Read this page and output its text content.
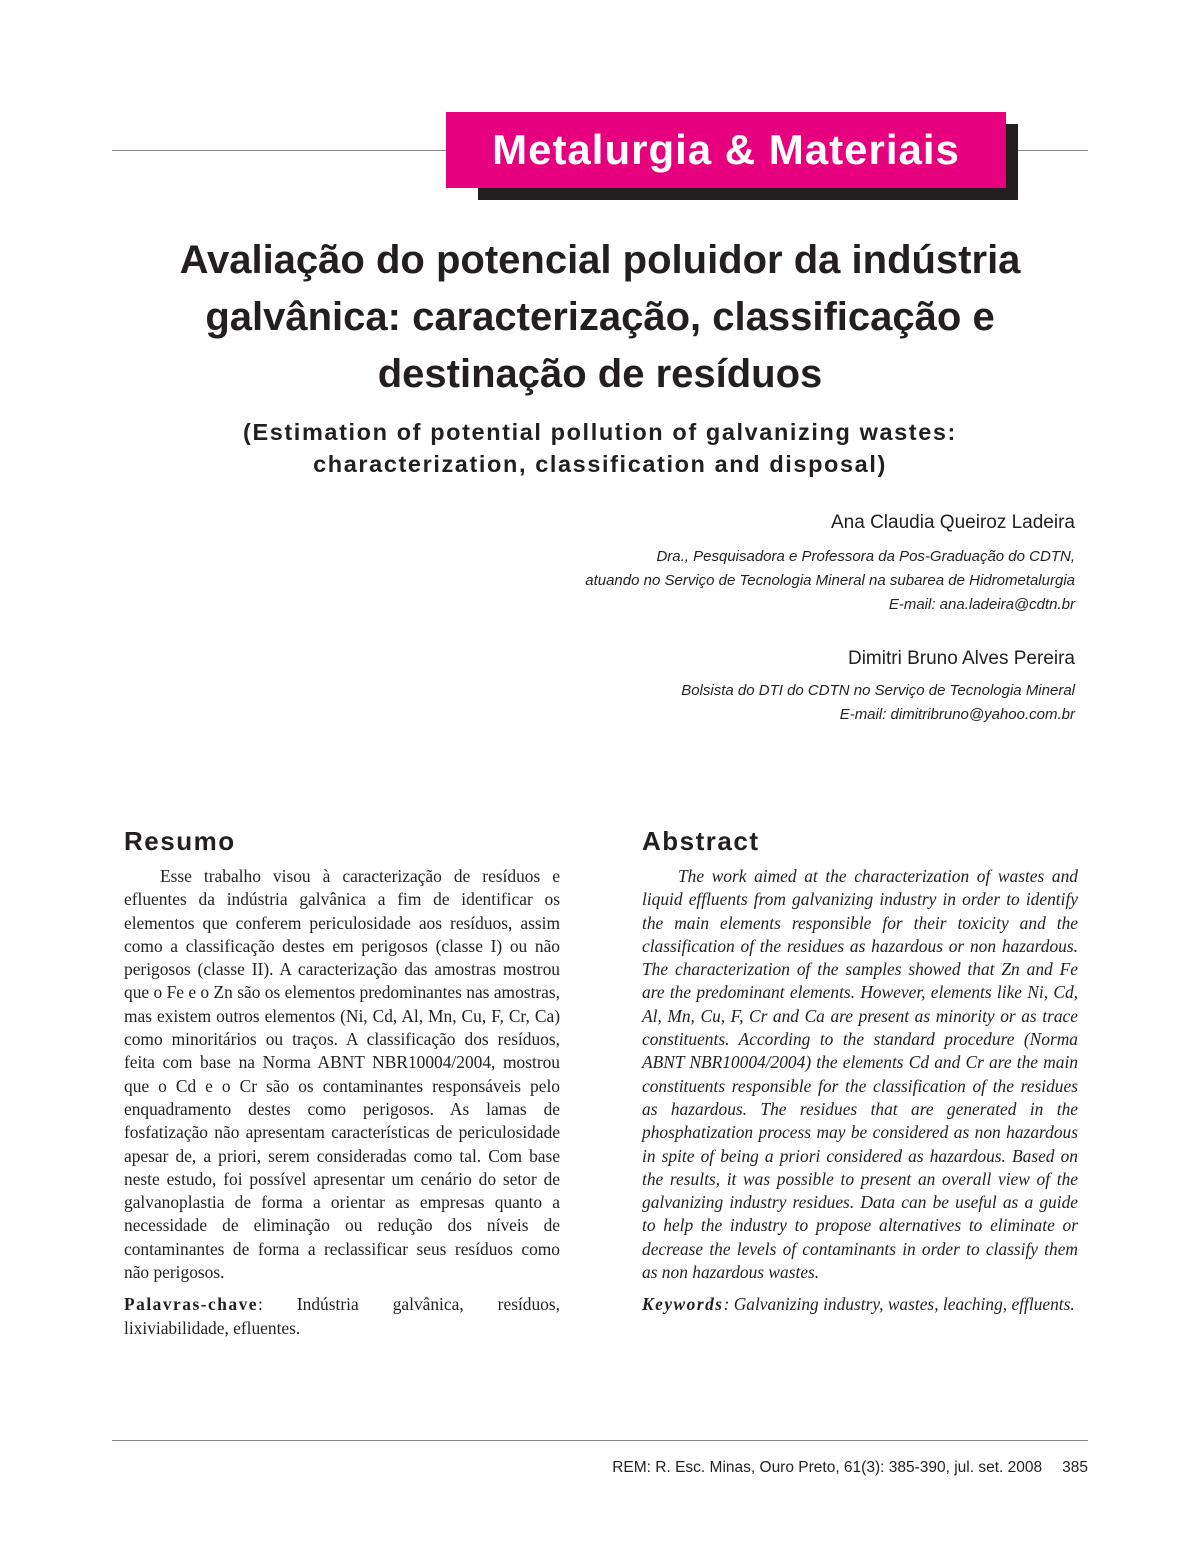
Metalurgia & Materiais
Avaliação do potencial poluidor da indústria
galvânica: caracterização, classificação e
destinação de resíduos
(Estimation of potential pollution of galvanizing wastes:
characterization, classification and disposal)
Ana Claudia Queiroz Ladeira
Dra., Pesquisadora e Professora da Pos-Graduação do CDTN,
atuando no Serviço de Tecnologia Mineral na subarea de Hidrometalurgia
E-mail: ana.ladeira@cdtn.br
Dimitri Bruno Alves Pereira
Bolsista do DTI do CDTN no Serviço de Tecnologia Mineral
E-mail: dimitribruno@yahoo.com.br
Resumo

Esse trabalho visou à caracterização de resíduos e efluentes da indústria galvânica a fim de identificar os elementos que conferem periculosidade aos resíduos, assim como a classificação destes em perigosos (classe I) ou não perigosos (classe II). A caracterização das amostras mostrou que o Fe e o Zn são os elementos predominantes nas amostras, mas existem outros elementos (Ni, Cd, Al, Mn, Cu, F, Cr, Ca) como minoritários ou traços. A classificação dos resíduos, feita com base na Norma ABNT NBR10004/2004, mostrou que o Cd e o Cr são os contaminantes responsáveis pelo enquadramento destes como perigosos. As lamas de fosfatização não apresentam características de periculosidade apesar de, a priori, serem consideradas como tal. Com base neste estudo, foi possível apresentar um cenário do setor de galvanoplastia de forma a orientar as empresas quanto a necessidade de eliminação ou redução dos níveis de contaminantes de forma a reclassificar seus resíduos como não perigosos.

Palavras-chave: Indústria galvânica, resíduos, lixiviabilidade, efluentes.

Abstract

The work aimed at the characterization of wastes and liquid effluents from galvanizing industry in order to identify the main elements responsible for their toxicity and the classification of the residues as hazardous or non hazardous. The characterization of the samples showed that Zn and Fe are the predominant elements. However, elements like Ni, Cd, Al, Mn, Cu, F, Cr and Ca are present as minority or as trace constituents. According to the standard procedure (Norma ABNT NBR10004/2004) the elements Cd and Cr are the main constituents responsible for the classification of the residues as hazardous. The residues that are generated in the phosphatization process may be considered as non hazardous in spite of being a priori considered as hazardous. Based on the results, it was possible to present an overall view of the galvanizing industry residues. Data can be useful as a guide to help the industry to propose alternatives to eliminate or decrease the levels of contaminants in order to classify them as non hazardous wastes.

Keywords: Galvanizing industry, wastes, leaching, effluents.

REM: R. Esc. Minas, Ouro Preto, 61(3): 385-390, jul. set. 2008 385
